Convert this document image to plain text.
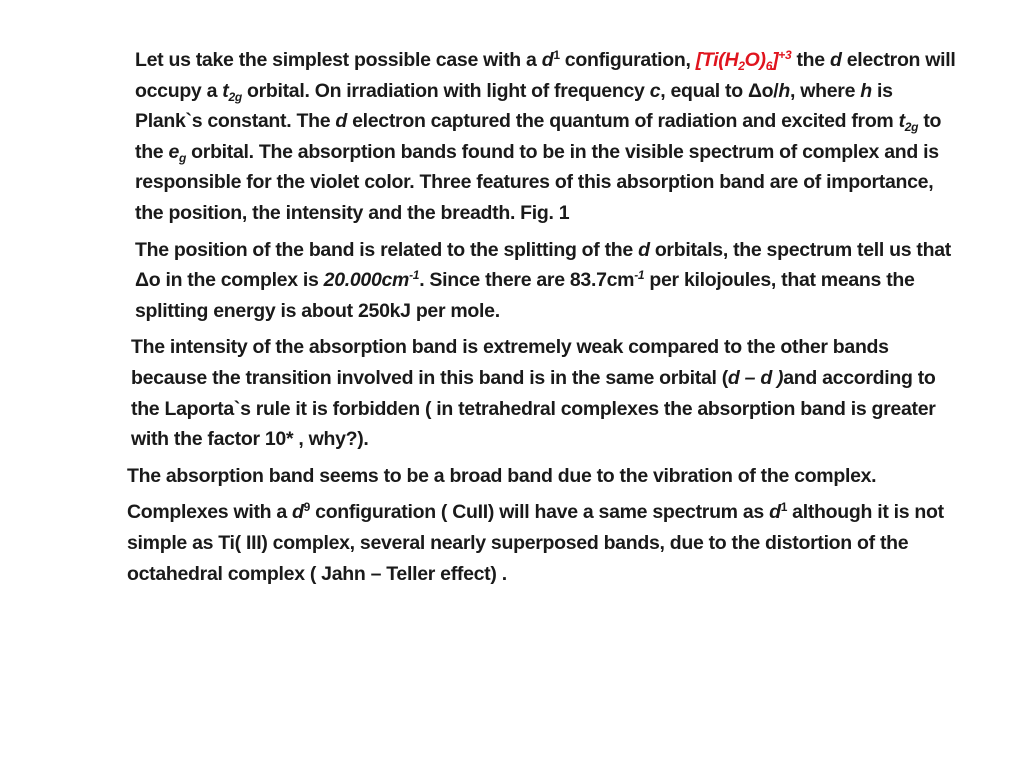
Let us take the simplest possible case with a $d^1$ configuration, $[Ti(H_2O)_6]^{+3}$ the d electron will occupy a $t_{2g}$ orbital. On irradiation with light of frequency c, equal to Δo/h, where h is Plank`s constant. The d electron captured the quantum of radiation and excited from $t_{2g}$ to the $e_g$ orbital. The absorption bands found to be in the visible spectrum of complex and is responsible for the violet color. Three features of this absorption band are of importance, the position, the intensity and the breadth. Fig. 1

The position of the band is related to the splitting of the d orbitals, the spectrum tell us that Δo in the complex is $20.000cm^{-1}$. Since there are $83.7cm^{-1}$ per kilojoules, that means the splitting energy is about 250kJ per mole.

The intensity of the absorption band is extremely weak compared to the other bands because the transition involved in this band is in the same orbital (d – d )and according to the Laporta`s rule it is forbidden ( in tetrahedral complexes the absorption band is greater with the factor 10* , why?).

The absorption band seems to be a broad band due to the vibration of the complex.

Complexes with a $d^9$ configuration ( CuII) will have a same spectrum as $d^1$ although it is not simple as Ti( III) complex, several nearly superposed bands, due to the distortion of the octahedral complex ( Jahn – Teller effect) .
